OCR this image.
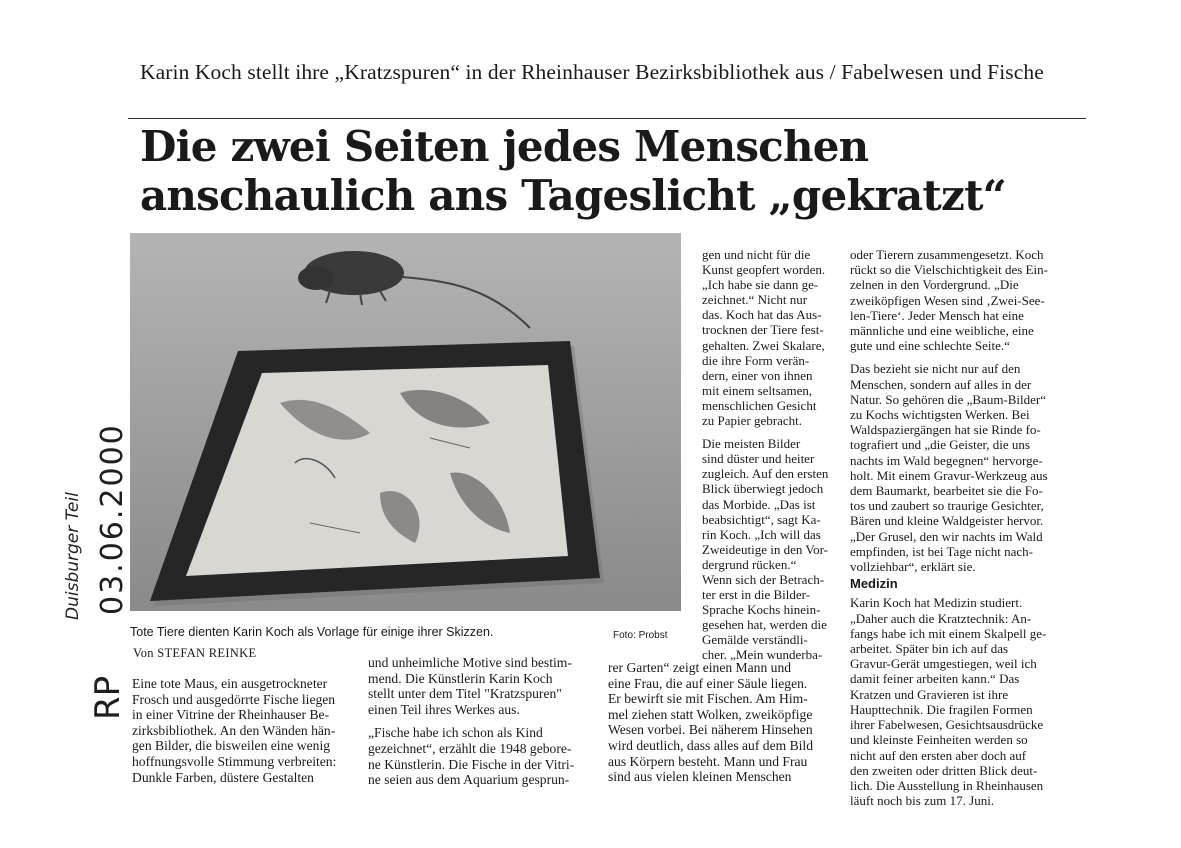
RP
03.06.2000
Duisburger Teil
Karin Koch stellt ihre „Kratzspuren“ in der Rheinhauser Bezirksbibliothek aus / Fabelwesen und Fische
Die zwei Seiten jedes Menschen
anschaulich ans Tageslicht „gekratzt“
Tote Tiere dienten Karin Koch als Vorlage für einige ihrer Skizzen.	Foto: Probst
Von STEFAN REINKE
Eine tote Maus, ein ausgetrockneter
Frosch und ausgedörrte Fische liegen
in einer Vitrine der Rheinhauser Be-
zirksbibliothek. An den Wänden hän-
gen Bilder, die bisweilen eine wenig
hoffnungsvolle Stimmung verbreiten:
Dunkle Farben, düstere Gestalten
und unheimliche Motive sind bestim-
mend. Die Künstlerin Karin Koch
stellt unter dem Titel "Kratzspuren"
einen Teil ihres Werkes aus.
„Fische habe ich schon als Kind
gezeichnet“, erzählt die 1948 gebore-
ne Künstlerin. Die Fische in der Vitri-
ne seien aus dem Aquarium gesprun-
gen und nicht für die
Kunst geopfert worden.
„Ich habe sie dann ge-
zeichnet.“ Nicht nur
das. Koch hat das Aus-
trocknen der Tiere fest-
gehalten. Zwei Skalare,
die ihre Form verän-
dern, einer von ihnen
mit einem seltsamen,
menschlichen Gesicht
zu Papier gebracht.
Die meisten Bilder
sind düster und heiter
zugleich. Auf den ersten
Blick überwiegt jedoch
das Morbide. „Das ist
beabsichtigt“, sagt Ka-
rin Koch. „Ich will das
Zweideutige in den Vor-
dergrund rücken.“
Wenn sich der Betrach-
ter erst in die Bilder-
Sprache Kochs hinein-
gesehen hat, werden die
Gemälde verständli-
cher. „Mein wunderba-
rer Garten“ zeigt einen Mann und
eine Frau, die auf einer Säule liegen.
Er bewirft sie mit Fischen. Am Him-
mel ziehen statt Wolken, zweiköpfige
Wesen vorbei. Bei näherem Hinsehen
wird deutlich, dass alles auf dem Bild
aus Körpern besteht. Mann und Frau
sind aus vielen kleinen Menschen
oder Tierern zusammengesetzt. Koch
rückt so die Vielschichtigkeit des Ein-
zelnen in den Vordergrund. „Die
zweiköpfigen Wesen sind ‚Zwei-See-
len-Tiere‘. Jeder Mensch hat eine
männliche und eine weibliche, eine
gute und eine schlechte Seite.“
Das bezieht sie nicht nur auf den
Menschen, sondern auf alles in der
Natur. So gehören die „Baum-Bilder“
zu Kochs wichtigsten Werken. Bei
Waldspaziergängen hat sie Rinde fo-
tografiert und „die Geister, die uns
nachts im Wald begegnen“ hervorge-
holt. Mit einem Gravur-Werkzeug aus
dem Baumarkt, bearbeitet sie die Fo-
tos und zaubert so traurige Gesichter,
Bären und kleine Waldgeister hervor.
„Der Grusel, den wir nachts im Wald
empfinden, ist bei Tage nicht nach-
vollziehbar“, erklärt sie.
Medizin
Karin Koch hat Medizin studiert.
„Daher auch die Kratztechnik: An-
fangs habe ich mit einem Skalpell ge-
arbeitet. Später bin ich auf das
Gravur-Gerät umgestiegen, weil ich
damit feiner arbeiten kann.“ Das
Kratzen und Gravieren ist ihre
Haupttechnik. Die fragilen Formen
ihrer Fabelwesen, Gesichtsausdrücke
und kleinste Feinheiten werden so
nicht auf den ersten aber doch auf
den zweiten oder dritten Blick deut-
lich. Die Ausstellung in Rheinhausen
läuft noch bis zum 17. Juni.
